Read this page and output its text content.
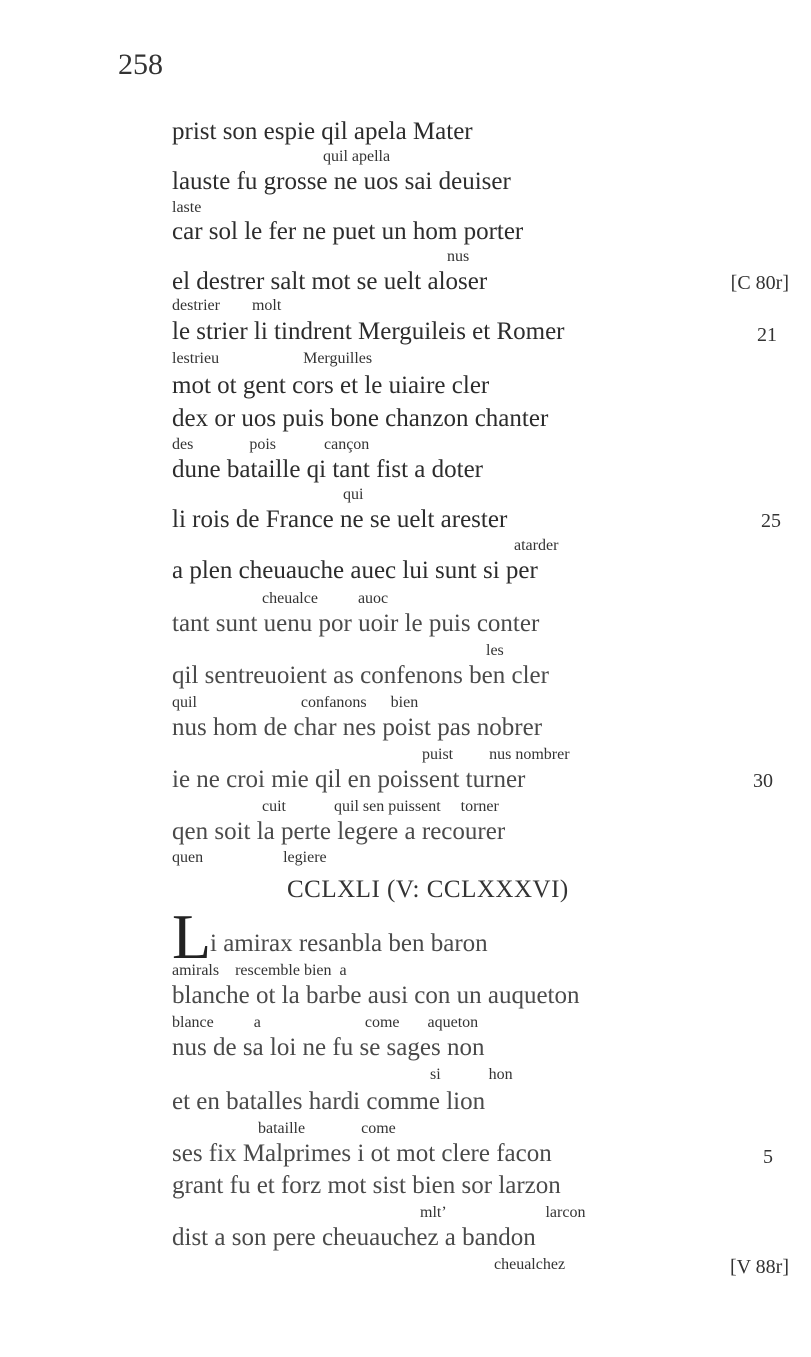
258
prist son espie qil apela Mater
quil apella
lauste fu grosse ne uos sai deuiser
laste
car sol le fer ne puet un hom porter
nus
el destrer salt mot se uelt aloser
destrier        molt
[C 80r]
le strier li tindrent Merguileis et Romer
lestrieu                     Merguilles
21
mot ot gent cors et le uiaire cler
dex or uos puis bone chanzon chanter
des              pois            cançon
dune bataille qi tant fist a doter
qui
li rois de France ne se uelt arester
atarder
25
a plen cheuauche auec lui sunt si per
cheualce          auoc
tant sunt uenu por uoir le puis conter
les
qil sentreuoient as confenons ben cler
quil                          confanons      bien
nus hom de char nes poist pas nobrer
puist         nus nombrer
ie ne croi mie qil en poissent turner
cuit            quil sen puissent     torner
30
qen soit la perte legere a recourer
quen                    legiere
CCLXLI (V: CCLXXXVI)
L
i amirax resanbla ben baron
amirals    rescemble bien  a
blanche ot la barbe ausi con un auqueton
blance          a                          come       aqueton
nus de sa loi ne fu se sages non
si            hon
et en batalles hardi comme lion
bataille              come
ses fix Malprimes i ot mot clere facon	5
grant fu et forz mot sist bien sor larzon
mlt’                         larcon
dist a son pere cheuauchez a bandon
cheualchez	[V 88r]
